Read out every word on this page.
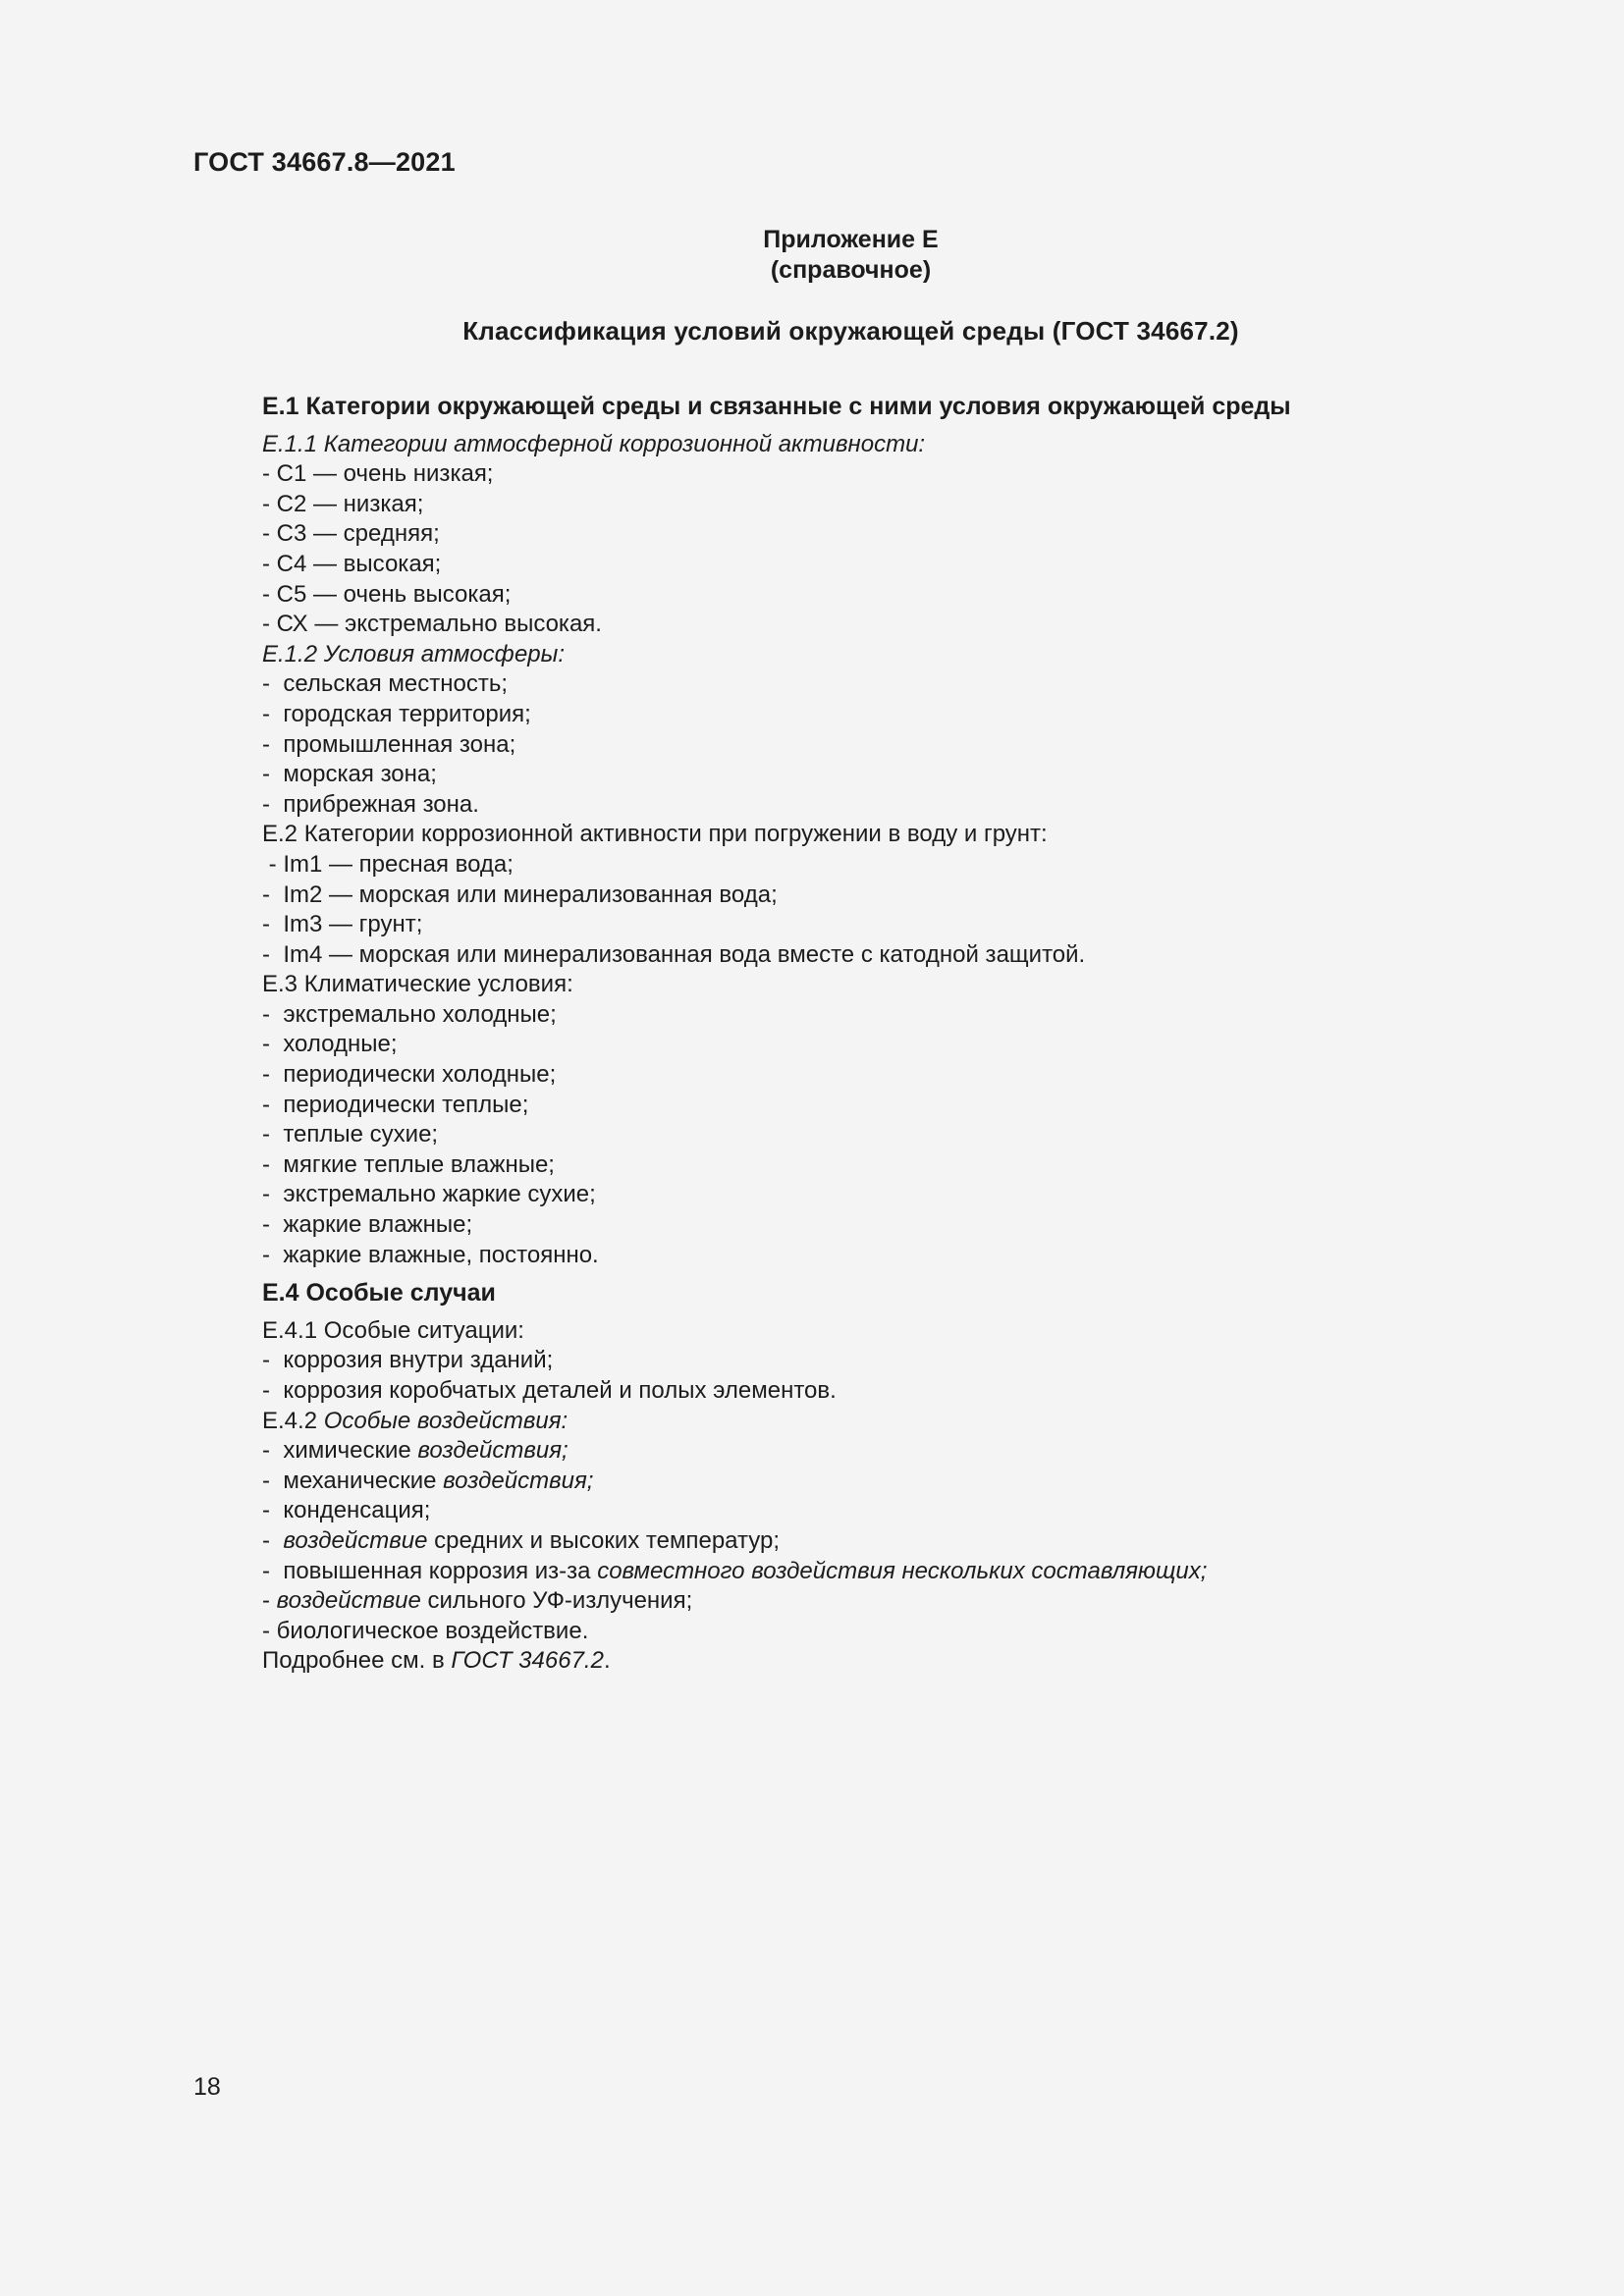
ГОСТ 34667.8—2021
Приложение Е
(справочное)
Классификация условий окружающей среды (ГОСТ 34667.2)
Е.1 Категории окружающей среды и связанные с ними условия окружающей среды
Е.1.1 Категории атмосферной коррозионной активности:
- С1 — очень низкая;
- С2 — низкая;
- С3 — средняя;
- С4 — высокая;
- С5 — очень высокая;
- СХ — экстремально высокая.
Е.1.2 Условия атмосферы:
-  сельская местность;
-  городская территория;
-  промышленная зона;
-  морская зона;
-  прибрежная зона.
Е.2 Категории коррозионной активности при погружении в воду и грунт:
- Im1 — пресная вода;
-  Im2 — морская или минерализованная вода;
-  Im3 — грунт;
-  Im4 — морская или минерализованная вода вместе с катодной защитой.
Е.3 Климатические условия:
-  экстремально холодные;
-  холодные;
-  периодически холодные;
-  периодически теплые;
-  теплые сухие;
-  мягкие теплые влажные;
-  экстремально жаркие сухие;
-  жаркие влажные;
-  жаркие влажные, постоянно.
Е.4 Особые случаи
Е.4.1 Особые ситуации:
-  коррозия внутри зданий;
-  коррозия коробчатых деталей и полых элементов.
Е.4.2 Особые воздействия:
-  химические воздействия;
-  механические воздействия;
-  конденсация;
-  воздействие средних и высоких температур;
-  повышенная коррозия из-за совместного воздействия нескольких составляющих;
- воздействие сильного УФ-излучения;
- биологическое воздействие.
Подробнее см. в ГОСТ 34667.2.
18
